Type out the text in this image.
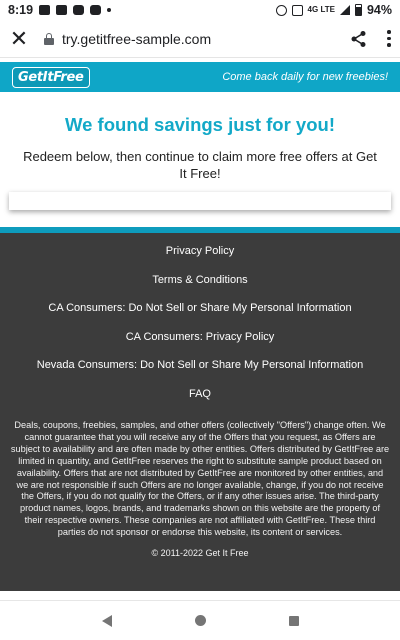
8:19	4G LTE	94%
✕ try.getitfree-sample.com
GetItFree	Come back daily for new freebies!
We found savings just for you!

Redeem below, then continue to claim more free offers at Get It Free!

Privacy Policy
Terms & Conditions
CA Consumers: Do Not Sell or Share My Personal Information
CA Consumers: Privacy Policy
Nevada Consumers: Do Not Sell or Share My Personal Information
FAQ

Deals, coupons, freebies, samples, and other offers (collectively "Offers") change often. We cannot guarantee that you will receive any of the Offers that you request, as Offers are subject to availability and are often made by other entities. Offers distributed by GetItFree are limited in quantity, and GetItFree reserves the right to substitute sample product based on availability. Offers that are not distributed by GetItFree are monitored by other entities, and we are not responsible if such Offers are no longer available, change, if you do not receive the Offers, if you do not qualify for the Offers, or if any other issues arise. The third-party product names, logos, brands, and trademarks shown on this website are the property of their respective owners. These companies are not affiliated with GetItFree. These third parties do not sponsor or endorse this website, its content or services.

© 2011-2022 Get It Free
